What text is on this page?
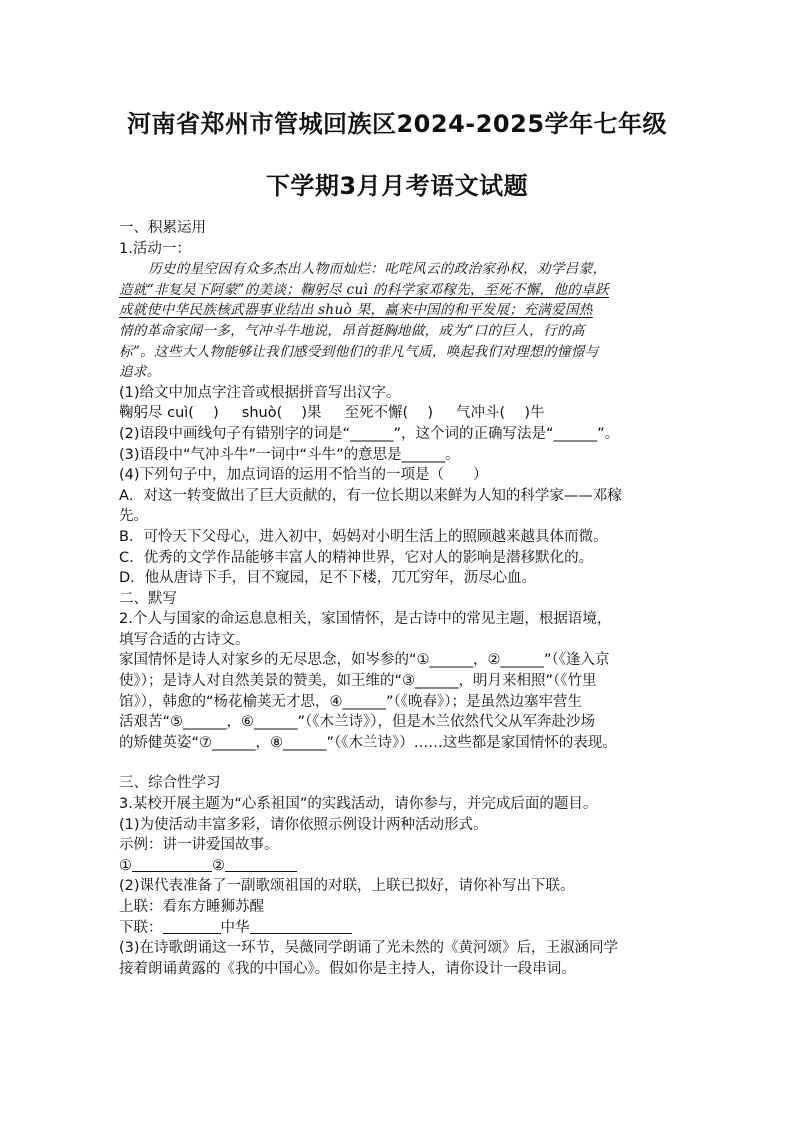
河南省郑州市管城回族区2024-2025学年七年级
下学期3月月考语文试题
一、积累运用
1.活动一：
历史的星空因有众多杰出人物而灿烂：叱咤风云的政治家孙权，劝学吕蒙，
造就“非复吴下阿蒙”的美谈；鞠躬尽 cuì 的科学家邓稼先，至死不懈，他的卓跃
成就使中华民族核武器事业结出 shuò 果，赢来中国的和平发展；充满爱国热
情的革命家闻一多，气冲斗牛地说，昂首挺胸地做，成为“口的巨人，行的高
标”。这些大人物能够让我们感受到他们的非凡气质，唤起我们对理想的憧憬与
追求。
(1)给文中加点字注音或根据拼音写出汉字。
鞠躬尽 cuì(　 ) shuò(　 )果 至死不懈(　 ) 气冲斗(　 )牛
(2)语段中画线句子有错别字的词是“______”，这个词的正确写法是“______”。
(3)语段中“气冲斗牛”一词中“斗牛”的意思是______。
(4)下列句子中，加点词语的运用不恰当的一项是（　　）
A．对这一转变做出了巨大贡献的，有一位长期以来鲜为人知的科学家——邓稼
先。
B．可怜天下父母心，进入初中，妈妈对小明生活上的照顾越来越具体而微。
C．优秀的文学作品能够丰富人的精神世界，它对人的影响是潜移默化的。
D．他从唐诗下手，目不窥园，足不下楼，兀兀穷年，沥尽心血。
二、默写
2.个人与国家的命运息息相关，家国情怀，是古诗中的常见主题，根据语境，
填写合适的古诗文。
家国情怀是诗人对家乡的无尽思念，如岑参的“①______，②______”（《逢入京
使》）；是诗人对自然美景的赞美，如王维的“③______，明月来相照”（《竹里
馆》），韩愈的“杨花榆荚无才思，④______”（《晚春》）；是虽然边塞牢营生
活艰苦“⑤______，⑥______”（《木兰诗》），但是木兰依然代父从军奔赴沙场
的矫健英姿“⑦______，⑧______”（《木兰诗》）……这些都是家国情怀的表现。
三、综合性学习
3.某校开展主题为“心系祖国”的实践活动，请你参与，并完成后面的题目。
(1)为使活动丰富多彩，请你依照示例设计两种活动形式。
示例：讲一讲爱国故事。
①	②
(2)课代表准备了一副歌颂祖国的对联，上联已拟好，请你补写出下联。
上联：看东方睡狮苏醒
下联：	中华
(3)在诗歌朗诵这一环节，吴薇同学朗诵了光未然的《黄河颂》后，王淑涵同学
接着朗诵黄露的《我的中国心》。假如你是主持人，请你设计一段串词。
